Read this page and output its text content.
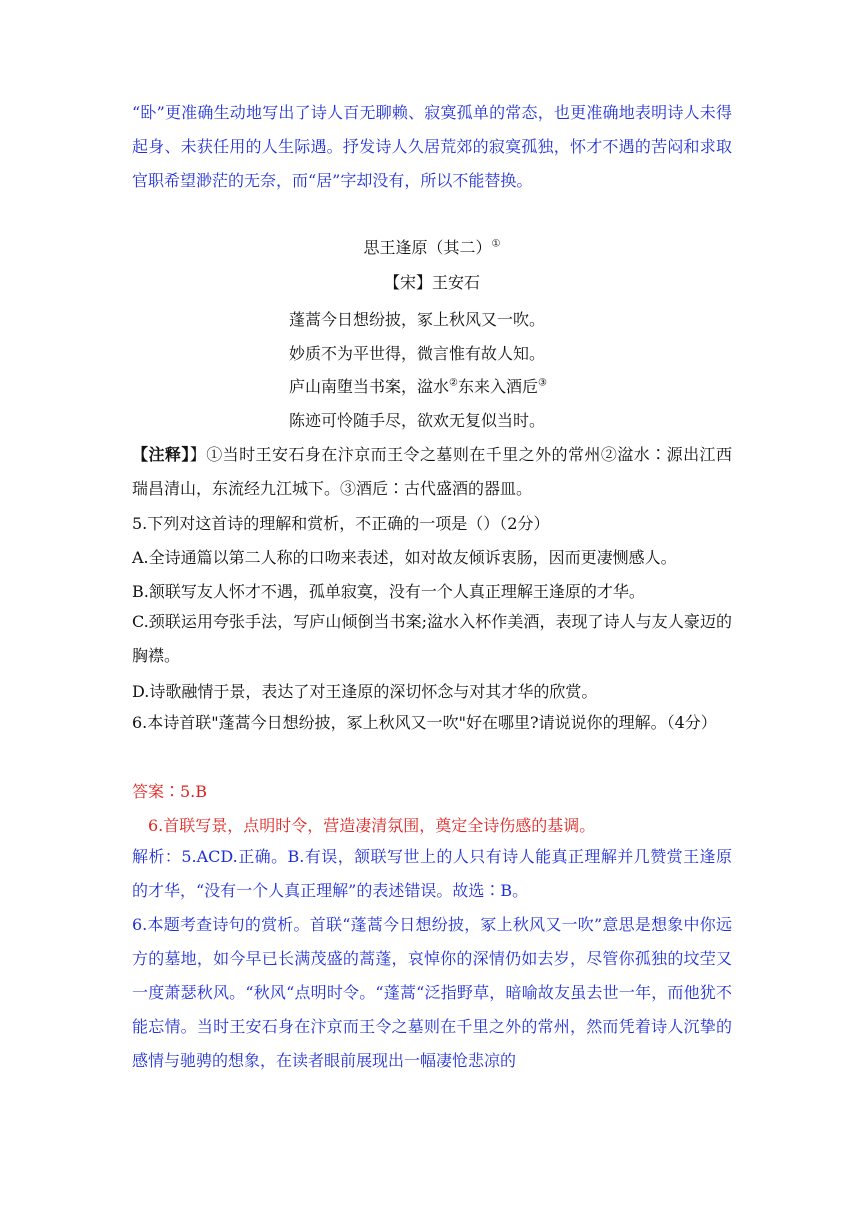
“卧”更准确生动地写出了诗人百无聊赖、寂寞孤单的常态，也更准确地表明诗人未得起身、未获任用的人生际遇。抒发诗人久居荒郊的寂寞孤独，怀才不遇的苦闷和求取官职希望渺茫的无奈，而“居”字却没有，所以不能替换。

思王逢原（其二）①

【宋】王安石

蓬蒿今日想纷披，冢上秋风又一吹。

妙质不为平世得，微言惟有故人知。

庐山南堕当书案，湓水②东来入酒卮③

陈迹可怜随手尽，欲欢无复似当时。

【注释】】①当时王安石身在汴京而王令之墓则在千里之外的常州②湓水∶源出江西瑞昌清山，东流经九江城下。③酒卮∶古代盛酒的器皿。

5.下列对这首诗的理解和赏析，不正确的一项是（）（2分）

A.全诗通篇以第二人称的口吻来表述，如对故友倾诉衷肠，因而更凄恻感人。

B.颔联写友人怀才不遇，孤单寂寞，没有一个人真正理解王逢原的才华。

C.颈联运用夸张手法，写庐山倾倒当书案;湓水入杯作美酒，表现了诗人与友人豪迈的胸襟。

D.诗歌融情于景，表达了对王逢原的深切怀念与对其才华的欣赏。

6.本诗首联"蓬蒿今日想纷披，冢上秋风又一吹"好在哪里?请说说你的理解。（4分）

答案∶5.B

6.首联写景，点明时令，营造凄清氛围，奠定全诗伤感的基调。

解析：5.ACD.正确。B.有误，颔联写世上的人只有诗人能真正理解并几赞赏王逢原的才华，“没有一个人真正理解”的表述错误。故选∶B。

6.本题考查诗句的赏析。首联“蓬蒿今日想纷披，冢上秋风又一吹”意思是想象中你远方的墓地，如今早已长满茂盛的蒿蓬，哀悼你的深情仍如去岁，尽管你孤独的坟茔又一度萧瑟秋风。“秋风“点明时令。“蓬蒿“泛指野草，暗喻故友虽去世一年，而他犹不能忘情。当时王安石身在汴京而王令之墓则在千里之外的常州，然而凭着诗人沉挚的感情与驰骋的想象，在读者眼前展现出一幅凄怆悲凉的
